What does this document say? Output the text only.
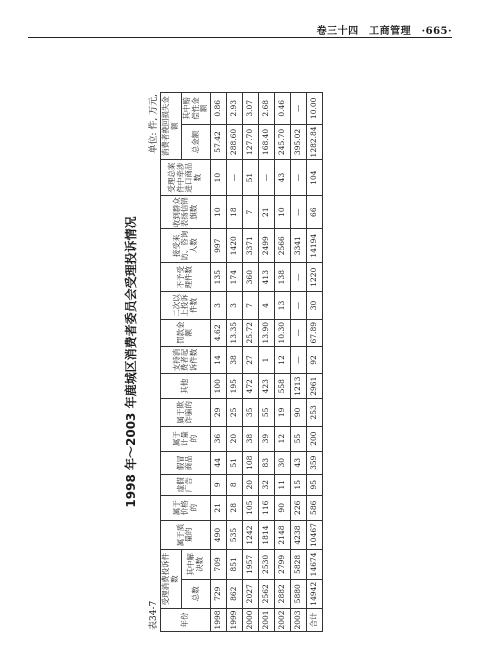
卷三十四　工商管理　·665·
1998 年～2003 年鹿城区消费者委员会受理投诉情况
表34-7
单位: 件, 万元,
年份	受理消费投诉件数		属于质量的	属于价格的	虚假广告	假冒商品	属于计量的	属于欺诈骗的	其他	支持消费者起诉件数	罚款金额	二次以上投诉件数	不予受理件数	接受来访、咨询人数	收到群众表扬信锦旗数	受理总案件中牵涉进口商品数	消费者挽回损失金额	
	总数	其中解决数															总金额	其中赔偿性金额
1998	729	709	490	21	9	44	36	29	100	14	4.62	3	135	997	10	10	57.42	0.86
1999	862	851	535	28	8	51	20	25	195	38	13.35	3	174	1420	18	—	288.60	2.93
2000	2027	1957	1242	105	20	108	38	35	472	27	25.72	7	360	3371	7	51	127.70	3.07
2001	2562	2530	1814	116	32	83	39	55	423	1	13.90	4	413	2499	21	—	168.40	2.68
2002	2882	2799	2148	90	11	30	12	19	558	12	10.30	13	138	2566	10	43	245.70	0.46
2003	5880	5828	4238	226	15	43	55	90	1213	—	—	—	—	3341	—	—	395.02	—
合计	14942	14674	10467	586	95	359	200	253	2961	92	67.89	30	1220	14194	66	104	1282.84	10.00
